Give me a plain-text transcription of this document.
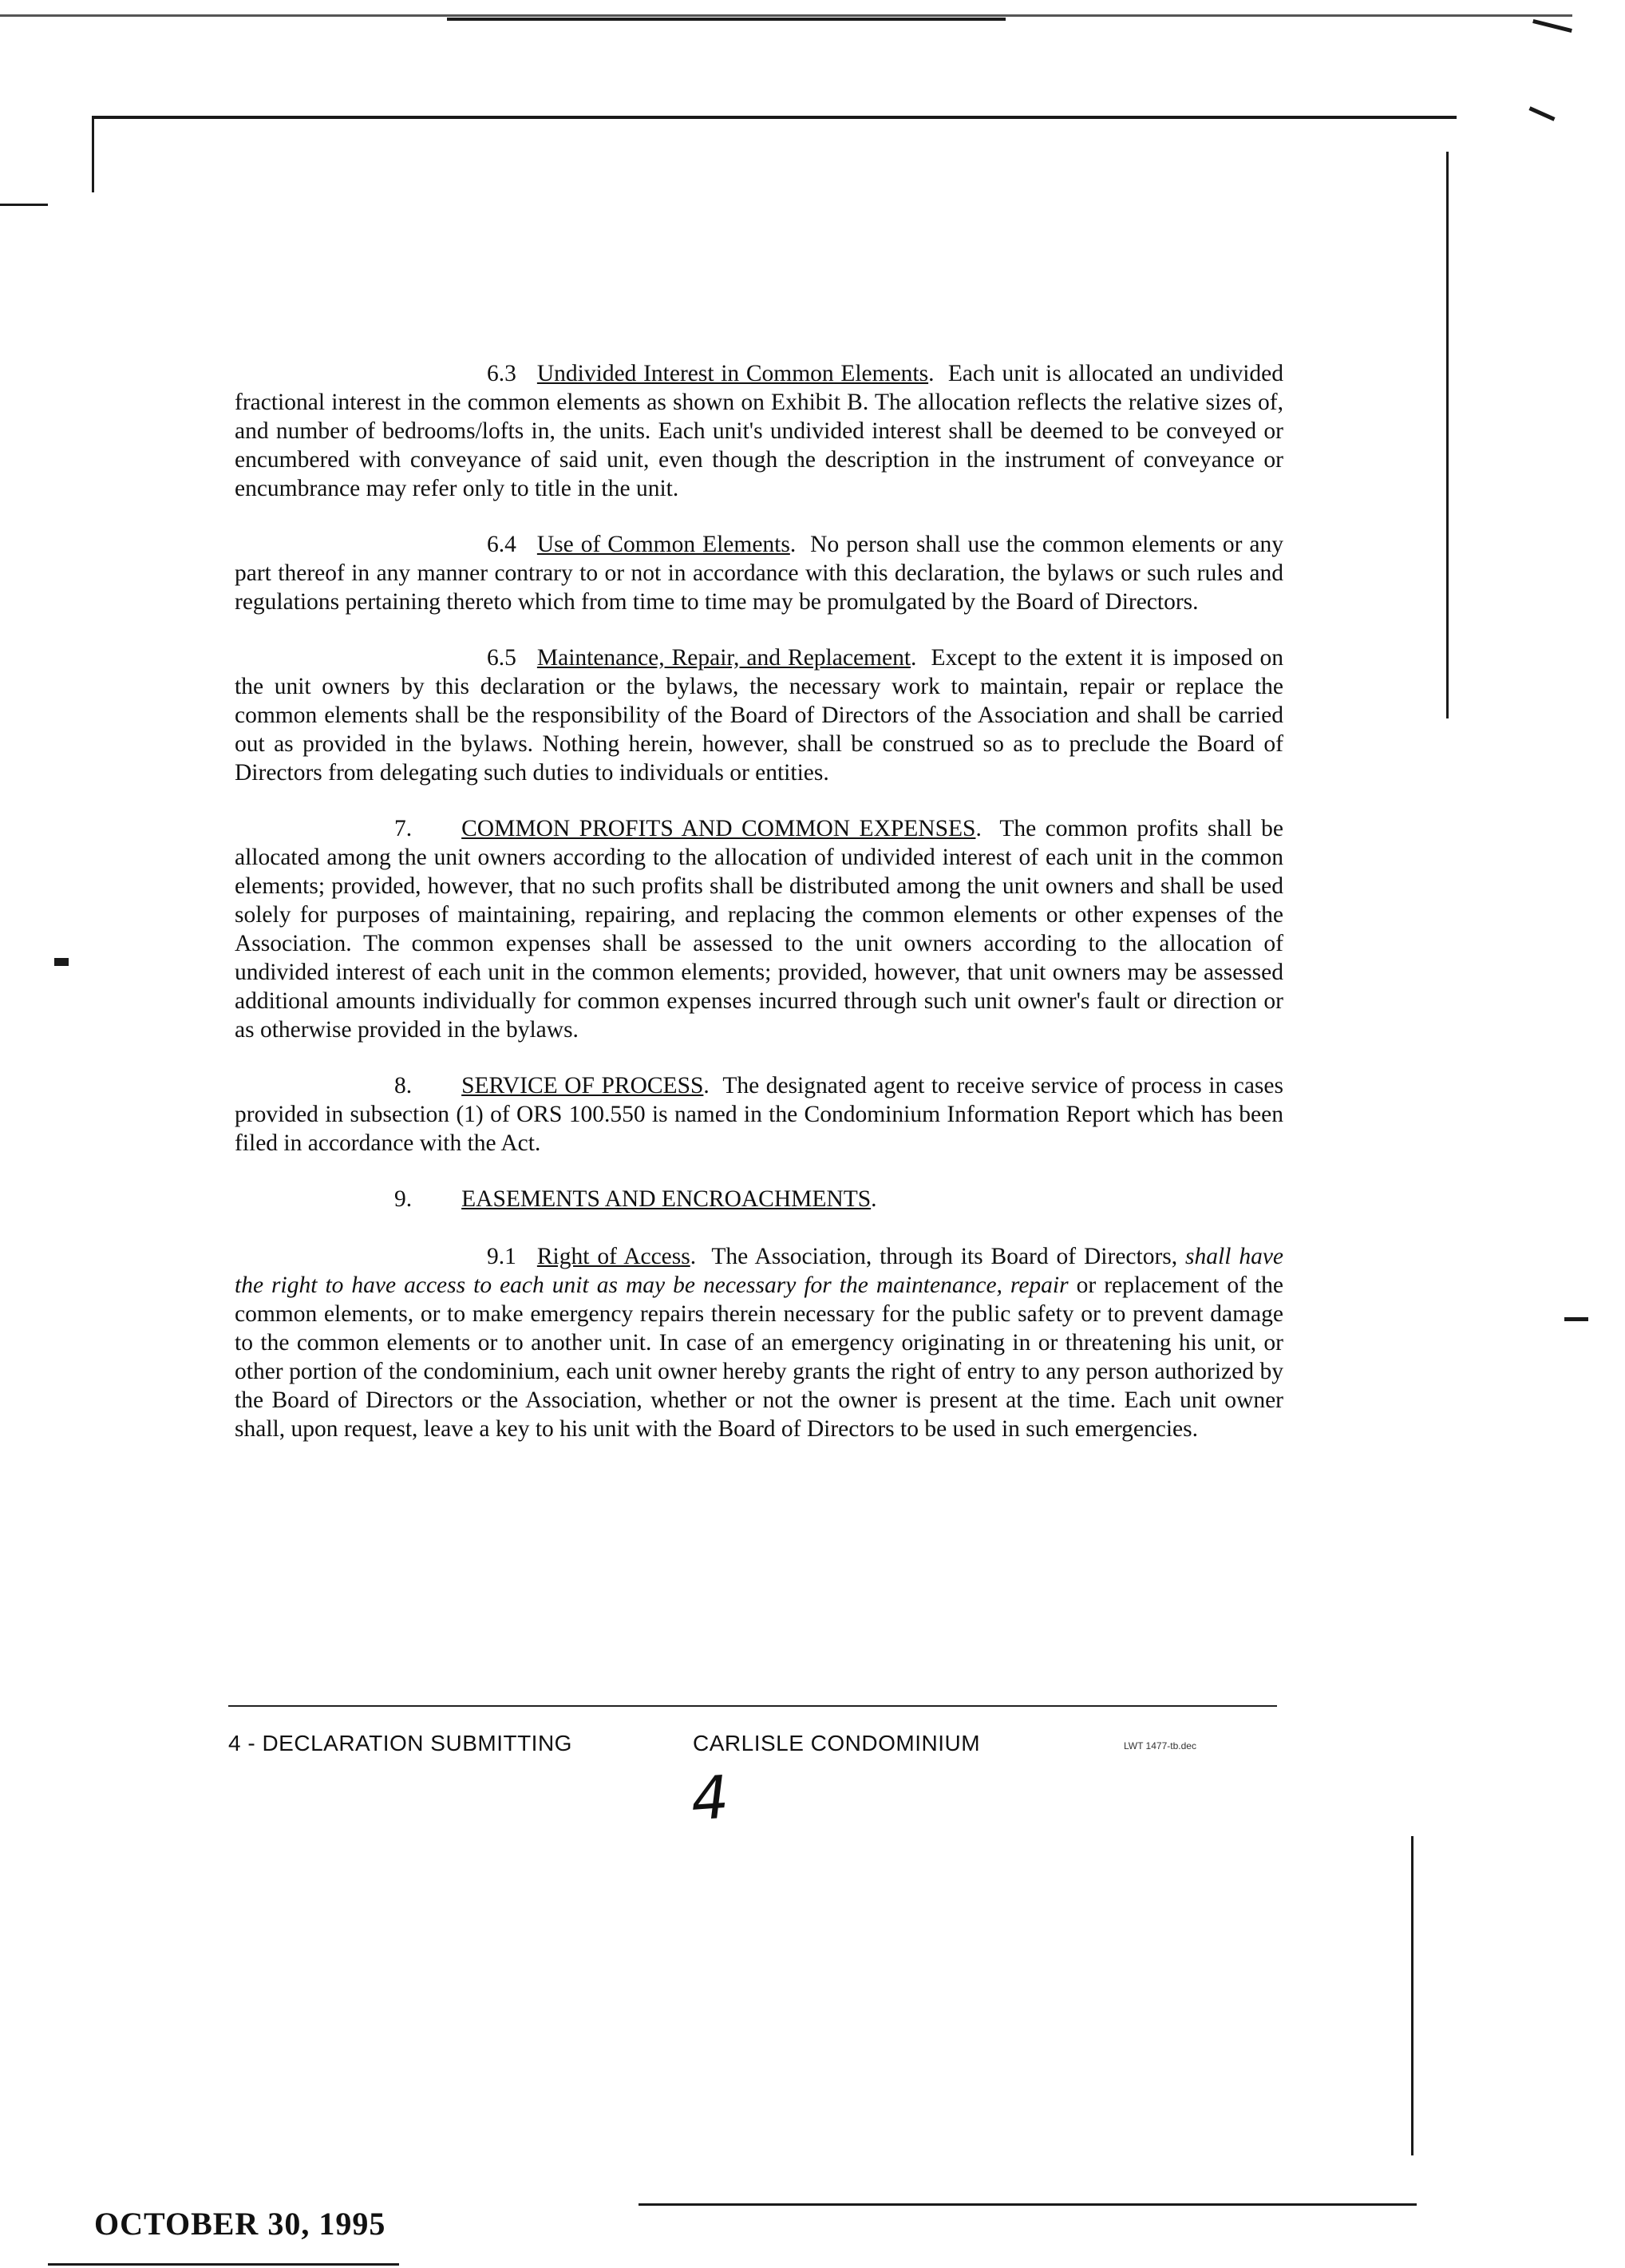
6.3 Undivided Interest in Common Elements.  Each unit is allocated an undivided fractional interest in the common elements as shown on Exhibit B. The allocation reflects the relative sizes of, and number of bedrooms/lofts in, the units. Each unit's undivided interest shall be deemed to be conveyed or encumbered with conveyance of said unit, even though the description in the instrument of conveyance or encumbrance may refer only to title in the unit.

6.4 Use of Common Elements.  No person shall use the common elements or any part thereof in any manner contrary to or not in accordance with this declaration, the bylaws or such rules and regulations pertaining thereto which from time to time may be promulgated by the Board of Directors.

6.5 Maintenance, Repair, and Replacement.  Except to the extent it is imposed on the unit owners by this declaration or the bylaws, the necessary work to maintain, repair or replace the common elements shall be the responsibility of the Board of Directors of the Association and shall be carried out as provided in the bylaws. Nothing herein, however, shall be construed so as to preclude the Board of Directors from delegating such duties to individuals or entities.

7. COMMON PROFITS AND COMMON EXPENSES.  The common profits shall be allocated among the unit owners according to the allocation of undivided interest of each unit in the common elements; provided, however, that no such profits shall be distributed among the unit owners and shall be used solely for purposes of maintaining, repairing, and replacing the common elements or other expenses of the Association. The common expenses shall be assessed to the unit owners according to the allocation of undivided interest of each unit in the common elements; provided, however, that unit owners may be assessed additional amounts individually for common expenses incurred through such unit owner's fault or direction or as otherwise provided in the bylaws.

8. SERVICE OF PROCESS.  The designated agent to receive service of process in cases provided in subsection (1) of ORS 100.550 is named in the Condominium Information Report which has been filed in accordance with the Act.

9. EASEMENTS AND ENCROACHMENTS.

9.1 Right of Access.  The Association, through its Board of Directors, shall have the right to have access to each unit as may be necessary for the maintenance, repair or replacement of the common elements, or to make emergency repairs therein necessary for the public safety or to prevent damage to the common elements or to another unit. In case of an emergency originating in or threatening his unit, or other portion of the condominium, each unit owner hereby grants the right of entry to any person authorized by the Board of Directors or the Association, whether or not the owner is present at the time. Each unit owner shall, upon request, leave a key to his unit with the Board of Directors to be used in such emergencies.

4 - DECLARATION SUBMITTING	CARLISLE CONDOMINIUM	LWT 1477-tb.dec
4
OCTOBER 30, 1995
